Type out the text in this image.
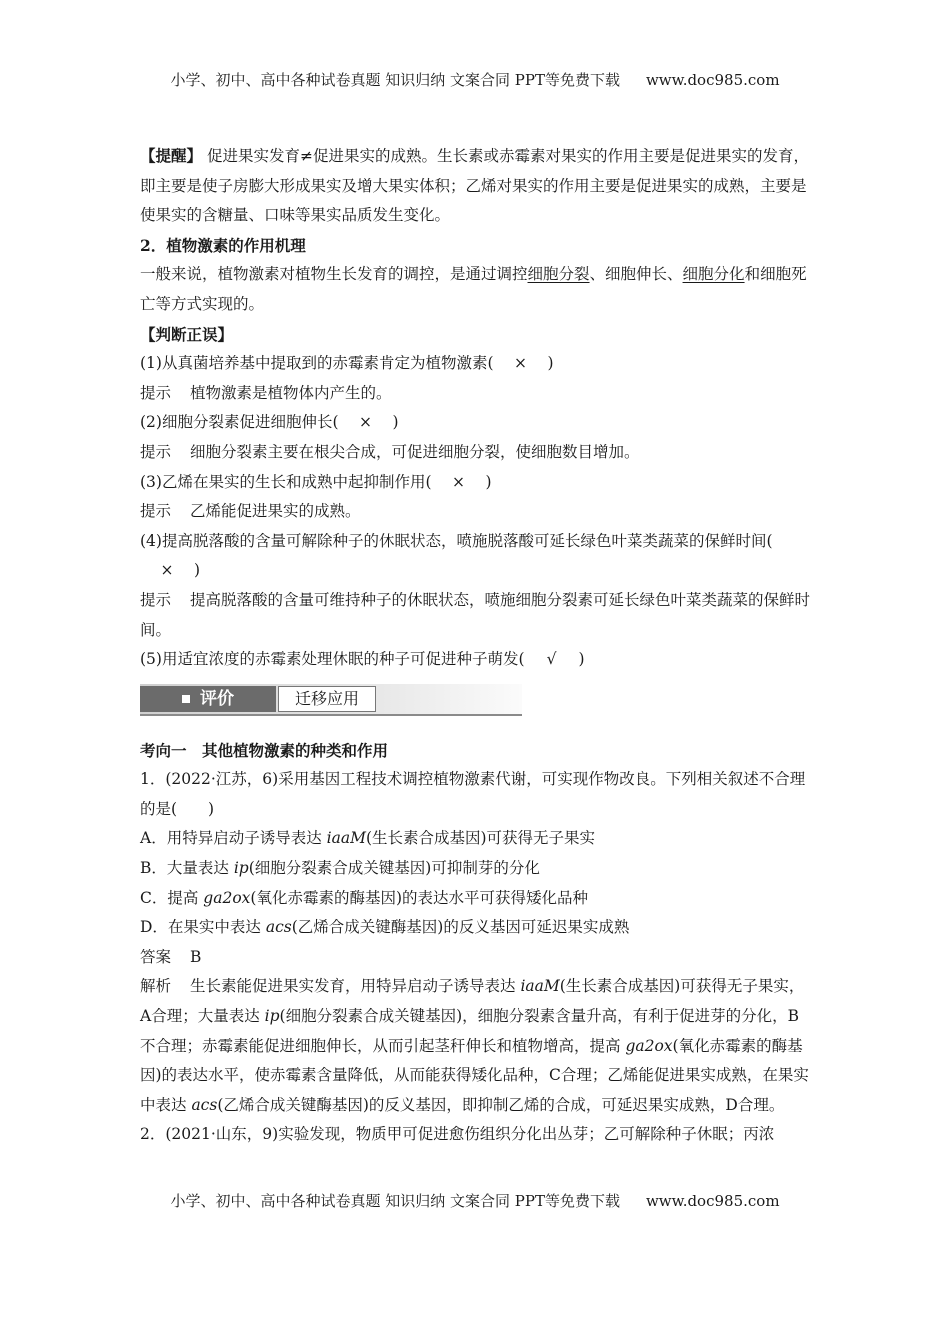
小学、初中、高中各种试卷真题 知识归纳 文案合同 PPT等免费下载 www.doc985.com

【提醒】 促进果实发育≠促进果实的成熟。生长素或赤霉素对果实的作用主要是促进果实的发育，即主要是使子房膨大形成果实及增大果实体积；乙烯对果实的作用主要是促进果实的成熟，主要是使果实的含糖量、口味等果实品质发生变化。

2．植物激素的作用机理

一般来说，植物激素对植物生长发育的调控，是通过调控细胞分裂、细胞伸长、细胞分化和细胞死亡等方式实现的。

【判断正误】

(1)从真菌培养基中提取到的赤霉素肯定为植物激素( × )

提示 植物激素是植物体内产生的。

(2)细胞分裂素促进细胞伸长( × )

提示 细胞分裂素主要在根尖合成，可促进细胞分裂，使细胞数目增加。

(3)乙烯在果实的生长和成熟中起抑制作用( × )

提示 乙烯能促进果实的成熟。

(4)提高脱落酸的含量可解除种子的休眠状态，喷施脱落酸可延长绿色叶菜类蔬菜的保鲜时间(× )

提示 提高脱落酸的含量可维持种子的休眠状态，喷施细胞分裂素可延长绿色叶菜类蔬菜的保鲜时间。

(5)用适宜浓度的赤霉素处理休眠的种子可促进种子萌发( √ )

评价	迁移应用

考向一　其他植物激素的种类和作用

1．(2022·江苏，6)采用基因工程技术调控植物激素代谢，可实现作物改良。下列相关叙述不合理的是(　　)

A．用特异启动子诱导表达 iaaM(生长素合成基因)可获得无子果实

B．大量表达 ip(细胞分裂素合成关键基因)可抑制芽的分化

C．提高 ga2ox(氧化赤霉素的酶基因)的表达水平可获得矮化品种

D．在果实中表达 acs(乙烯合成关键酶基因)的反义基因可延迟果实成熟

答案 B

解析 生长素能促进果实发育，用特异启动子诱导表达 iaaM(生长素合成基因)可获得无子果实，A合理；大量表达 ip(细胞分裂素合成关键基因)，细胞分裂素含量升高，有利于促进芽的分化，B不合理；赤霉素能促进细胞伸长，从而引起茎秆伸长和植物增高，提高 ga2ox(氧化赤霉素的酶基因)的表达水平，使赤霉素含量降低，从而能获得矮化品种，C合理；乙烯能促进果实成熟，在果实中表达 acs(乙烯合成关键酶基因)的反义基因，即抑制乙烯的合成，可延迟果实成熟，D合理。

2．(2021·山东，9)实验发现，物质甲可促进愈伤组织分化出丛芽；乙可解除种子休眠；丙浓

小学、初中、高中各种试卷真题 知识归纳 文案合同 PPT等免费下载 www.doc985.com
